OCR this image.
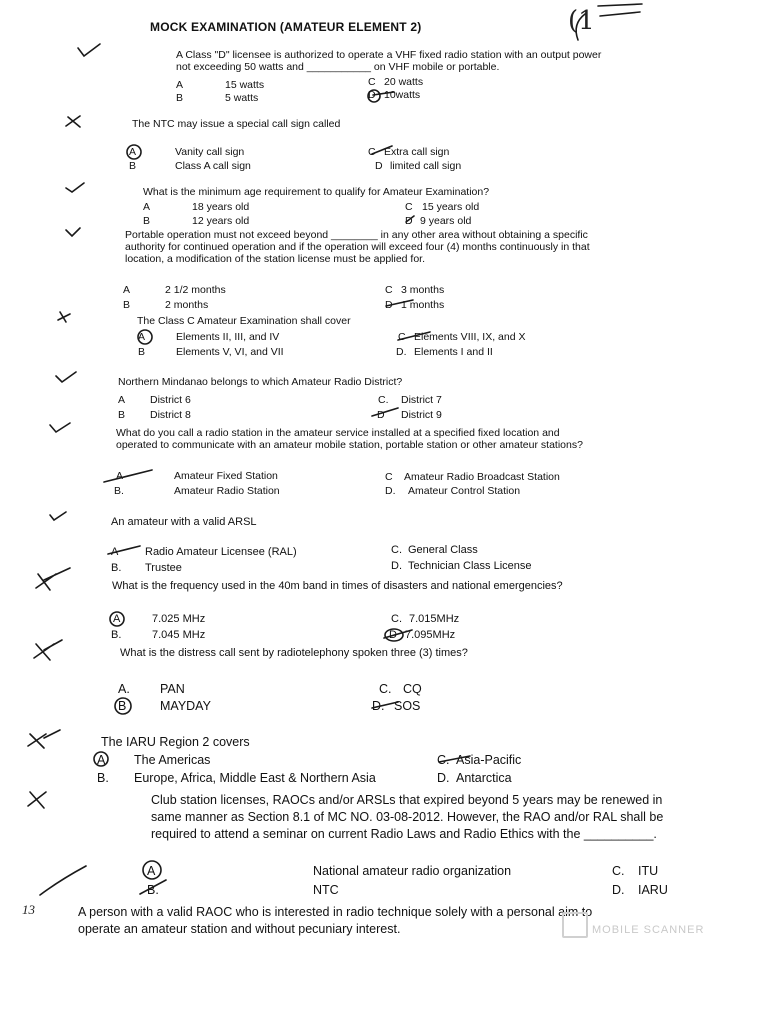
MOCK EXAMINATION (AMATEUR ELEMENT 2)	(1
A Class "D" licensee is authorized to operate a VHF fixed radio station with an output power
not exceeding 50 watts and ___________ on VHF mobile or portable.
A	15 watts
B	5 watts
C 20 watts
D 10watts
The NTC may issue a special call sign called
A	Vanity call sign
B	Class A call sign
C Extra call sign
D limited call sign
What is the minimum age requirement to qualify for Amateur Examination?
A	18 years old
B	12 years old
C 15 years old
D 9 years old
Portable operation must not exceed beyond ________ in any other area without obtaining a specific
authority for continued operation and if the operation will exceed four (4) months continuously in that
location, a modification of the station license must be applied for.
A	2 1/2 months
B	2 months
C 3 months
D 1 months
The Class C Amateur Examination shall cover
A	Elements II, III, and IV
B	Elements V, VI, and VII
C Elements VIII, IX, and X
D. Elements I and II
Northern Mindanao belongs to which Amateur Radio District?
A District 6
B District 8
C. District 7
D District 9
What do you call a radio station in the amateur service installed at a specified fixed location and
operated to communicate with an amateur mobile station, portable station or other amateur stations?
A	Amateur Fixed Station
B.	Amateur Radio Station
C Amateur Radio Broadcast Station
D. Amateur Control Station
An amateur with a valid ARSL
A Radio Amateur Licensee (RAL)
B. Trustee
C. General Class
D. Technician Class License
What is the frequency used in the 40m band in times of disasters and national emergencies?
A	7.025 MHz
B.	7.045 MHz
C. 7.015MHz
D 7.095MHz
What is the distress call sent by radiotelephony spoken three (3) times?
A. PAN
B	MAYDAY
C. CQ
D. SOS
The IARU Region 2 covers
A The Americas
B. Europe, Africa, Middle East & Northern Asia
C. Asia-Pacific
D. Antarctica
Club station licenses, RAOCs and/or ARSLs that expired beyond 5 years may be renewed in
same manner as Section 8.1 of MC NO. 03-08-2012. However, the RAO and/or RAL shall be
required to attend a seminar on current Radio Laws and Radio Ethics with the __________.
A	National amateur radio organization
B.	NTC
C. ITU
D. IARU
13	A person with a valid RAOC who is interested in radio technique solely with a personal aim to
operate an amateur station and without pecuniary interest.	MOBILE SCANNER
